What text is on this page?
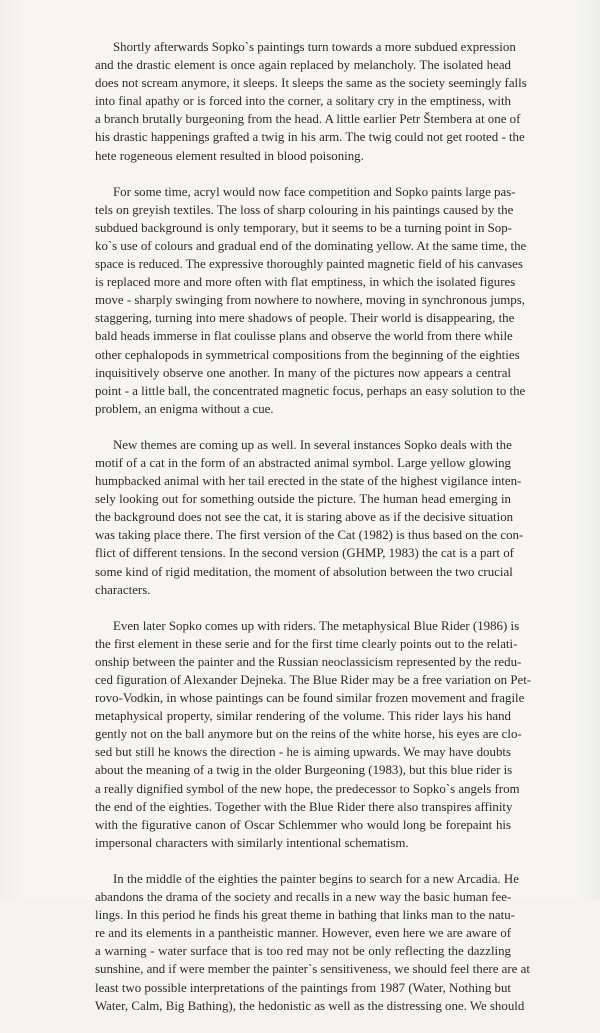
Shortly afterwards Sopko`s paintings turn towards a more subdued expression
and the drastic element is once again replaced by melancholy. The isolated head
does not scream anymore, it sleeps. It sleeps the same as the society seemingly falls
into final apathy or is forced into the corner, a solitary cry in the emptiness, with
a branch brutally burgeoning from the head. A little earlier Petr Štembera at one of
his drastic happenings grafted a twig in his arm. The twig could not get rooted - the
hete rogeneous element resulted in blood poisoning.
For some time, acryl would now face competition and Sopko paints large pas-
tels on greyish textiles. The loss of sharp colouring in his paintings caused by the
subdued background is only temporary, but it seems to be a turning point in Sop-
ko`s use of colours and gradual end of the dominating yellow. At the same time, the
space is reduced. The expressive thoroughly painted magnetic field of his canvases
is replaced more and more often with flat emptiness, in which the isolated figures
move - sharply swinging from nowhere to nowhere, moving in synchronous jumps,
staggering, turning into mere shadows of people. Their world is disappearing, the
bald heads immerse in flat coulisse plans and observe the world from there while
other cephalopods in symmetrical compositions from the beginning of the eighties
inquisitively observe one another. In many of the pictures now appears a central
point - a little ball, the concentrated magnetic focus, perhaps an easy solution to the
problem, an enigma without a cue.
New themes are coming up as well. In several instances Sopko deals with the
motif of a cat in the form of an abstracted animal symbol. Large yellow glowing
humpbacked animal with her tail erected in the state of the highest vigilance inten-
sely looking out for something outside the picture. The human head emerging in
the background does not see the cat, it is staring above as if the decisive situation
was taking place there. The first version of the Cat (1982) is thus based on the con-
flict of different tensions. In the second version (GHMP, 1983) the cat is a part of
some kind of rigid meditation, the moment of absolution between the two crucial
characters.
Even later Sopko comes up with riders. The metaphysical Blue Rider (1986) is
the first element in these serie and for the first time clearly points out to the relati-
onship between the painter and the Russian neoclassicism represented by the redu-
ced figuration of Alexander Dejneka. The Blue Rider may be a free variation on Pet-
rovo-Vodkin, in whose paintings can be found similar frozen movement and fragile
metaphysical property, similar rendering of the volume. This rider lays his hand
gently not on the ball anymore but on the reins of the white horse, his eyes are clo-
sed but still he knows the direction - he is aiming upwards. We may have doubts
about the meaning of a twig in the older Burgeoning (1983), but this blue rider is
a really dignified symbol of the new hope, the predecessor to Sopko`s angels from
the end of the eighties. Together with the Blue Rider there also transpires affinity
with the figurative canon of Oscar Schlemmer who would long be forepaint his
impersonal characters with similarly intentional schematism.
In the middle of the eighties the painter begins to search for a new Arcadia. He
abandons the drama of the society and recalls in a new way the basic human fee-
lings. In this period he finds his great theme in bathing that links man to the natu-
re and its elements in a pantheistic manner. However, even here we are aware of
a warning - water surface that is too red may not be only reflecting the dazzling
sunshine, and if were member the painter`s sensitiveness, we should feel there are at
least two possible interpretations of the paintings from 1987 (Water, Nothing but
Water, Calm, Big Bathing), the hedonistic as well as the distressing one. We should
